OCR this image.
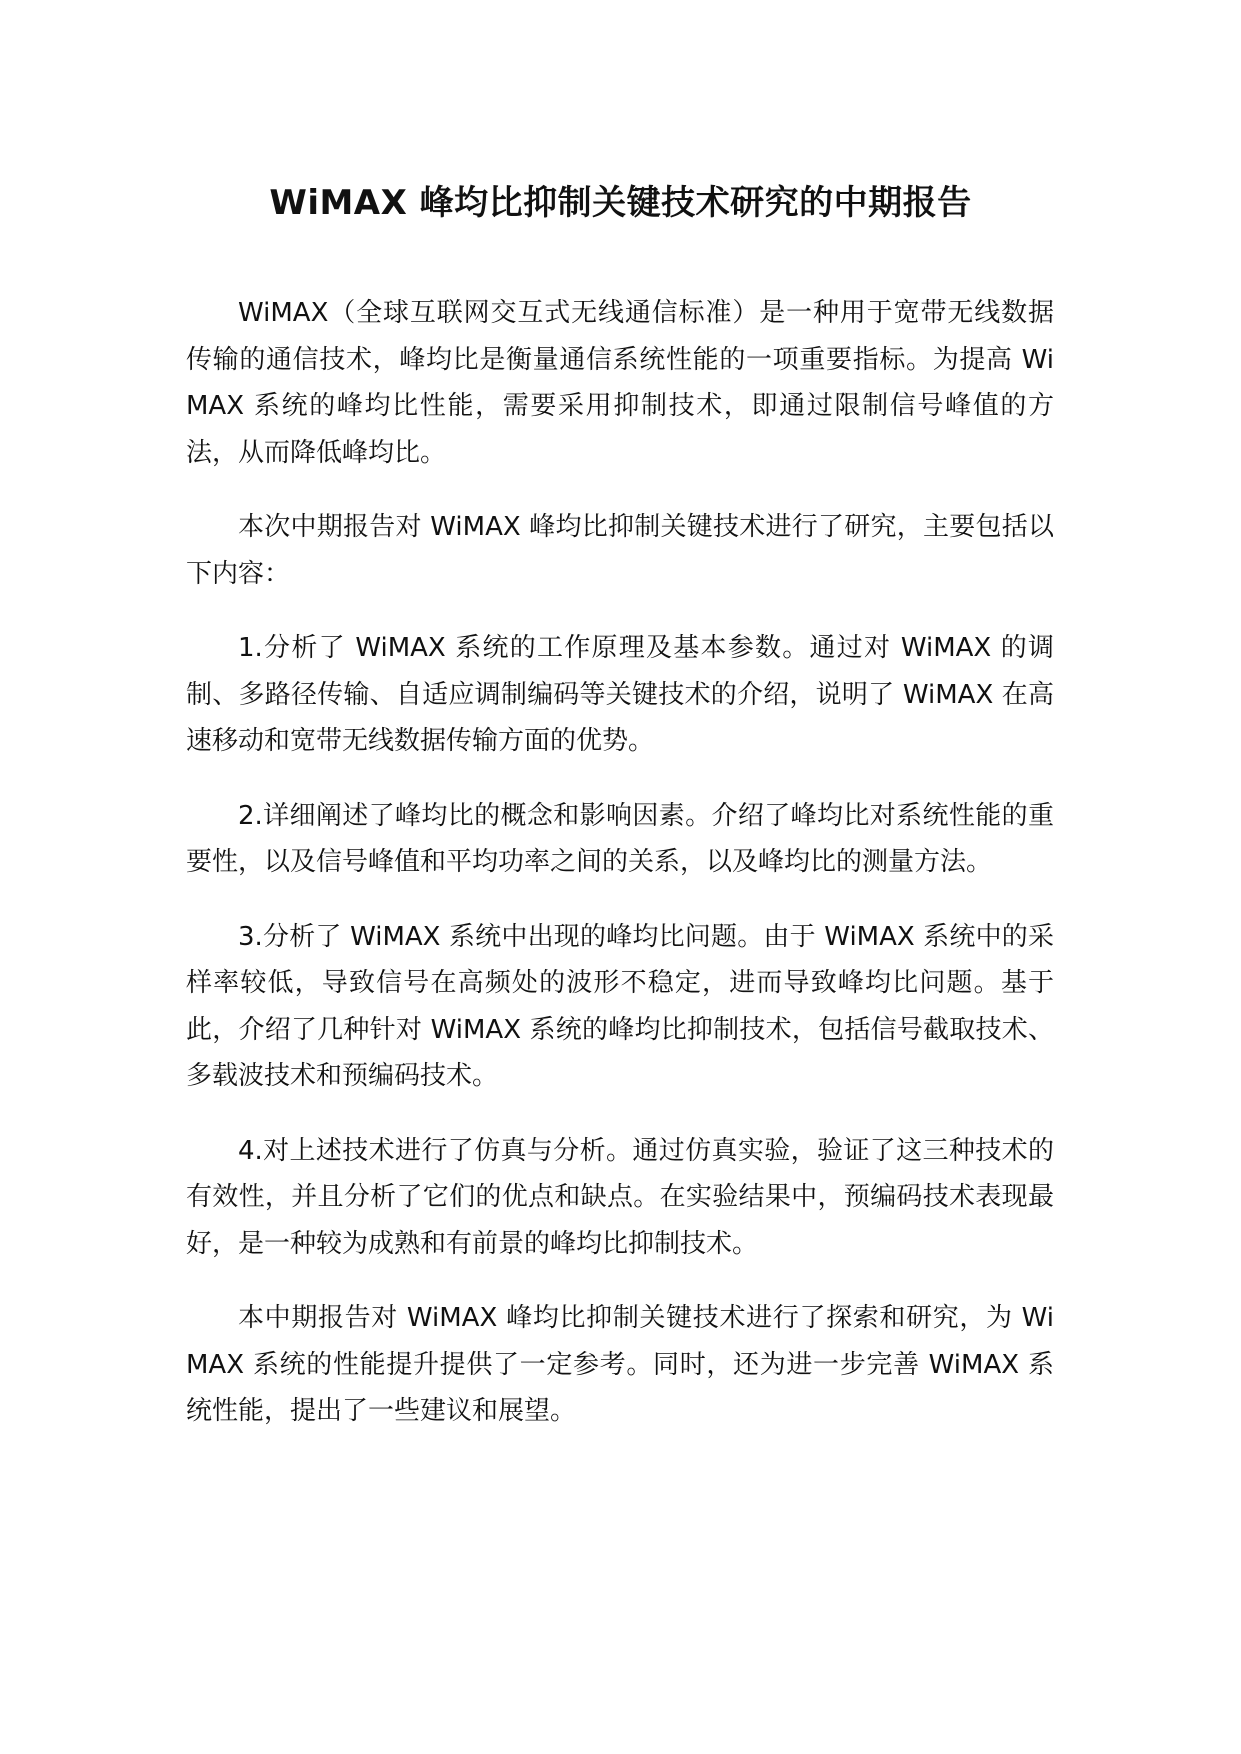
WiMAX 峰均比抑制关键技术研究的中期报告

WiMAX（全球互联网交互式无线通信标准）是一种用于宽带无线数据传输的通信技术，峰均比是衡量通信系统性能的一项重要指标。为提高 WiMAX 系统的峰均比性能，需要采用抑制技术，即通过限制信号峰值的方法，从而降低峰均比。

本次中期报告对 WiMAX 峰均比抑制关键技术进行了研究，主要包括以下内容：

1.分析了 WiMAX 系统的工作原理及基本参数。通过对 WiMAX 的调制、多路径传输、自适应调制编码等关键技术的介绍，说明了 WiMAX 在高速移动和宽带无线数据传输方面的优势。

2.详细阐述了峰均比的概念和影响因素。介绍了峰均比对系统性能的重要性，以及信号峰值和平均功率之间的关系，以及峰均比的测量方法。

3.分析了 WiMAX 系统中出现的峰均比问题。由于 WiMAX 系统中的采样率较低，导致信号在高频处的波形不稳定，进而导致峰均比问题。基于此，介绍了几种针对 WiMAX 系统的峰均比抑制技术，包括信号截取技术、多载波技术和预编码技术。

4.对上述技术进行了仿真与分析。通过仿真实验，验证了这三种技术的有效性，并且分析了它们的优点和缺点。在实验结果中，预编码技术表现最好，是一种较为成熟和有前景的峰均比抑制技术。

本中期报告对 WiMAX 峰均比抑制关键技术进行了探索和研究，为 WiMAX 系统的性能提升提供了一定参考。同时，还为进一步完善 WiMAX 系统性能，提出了一些建议和展望。
